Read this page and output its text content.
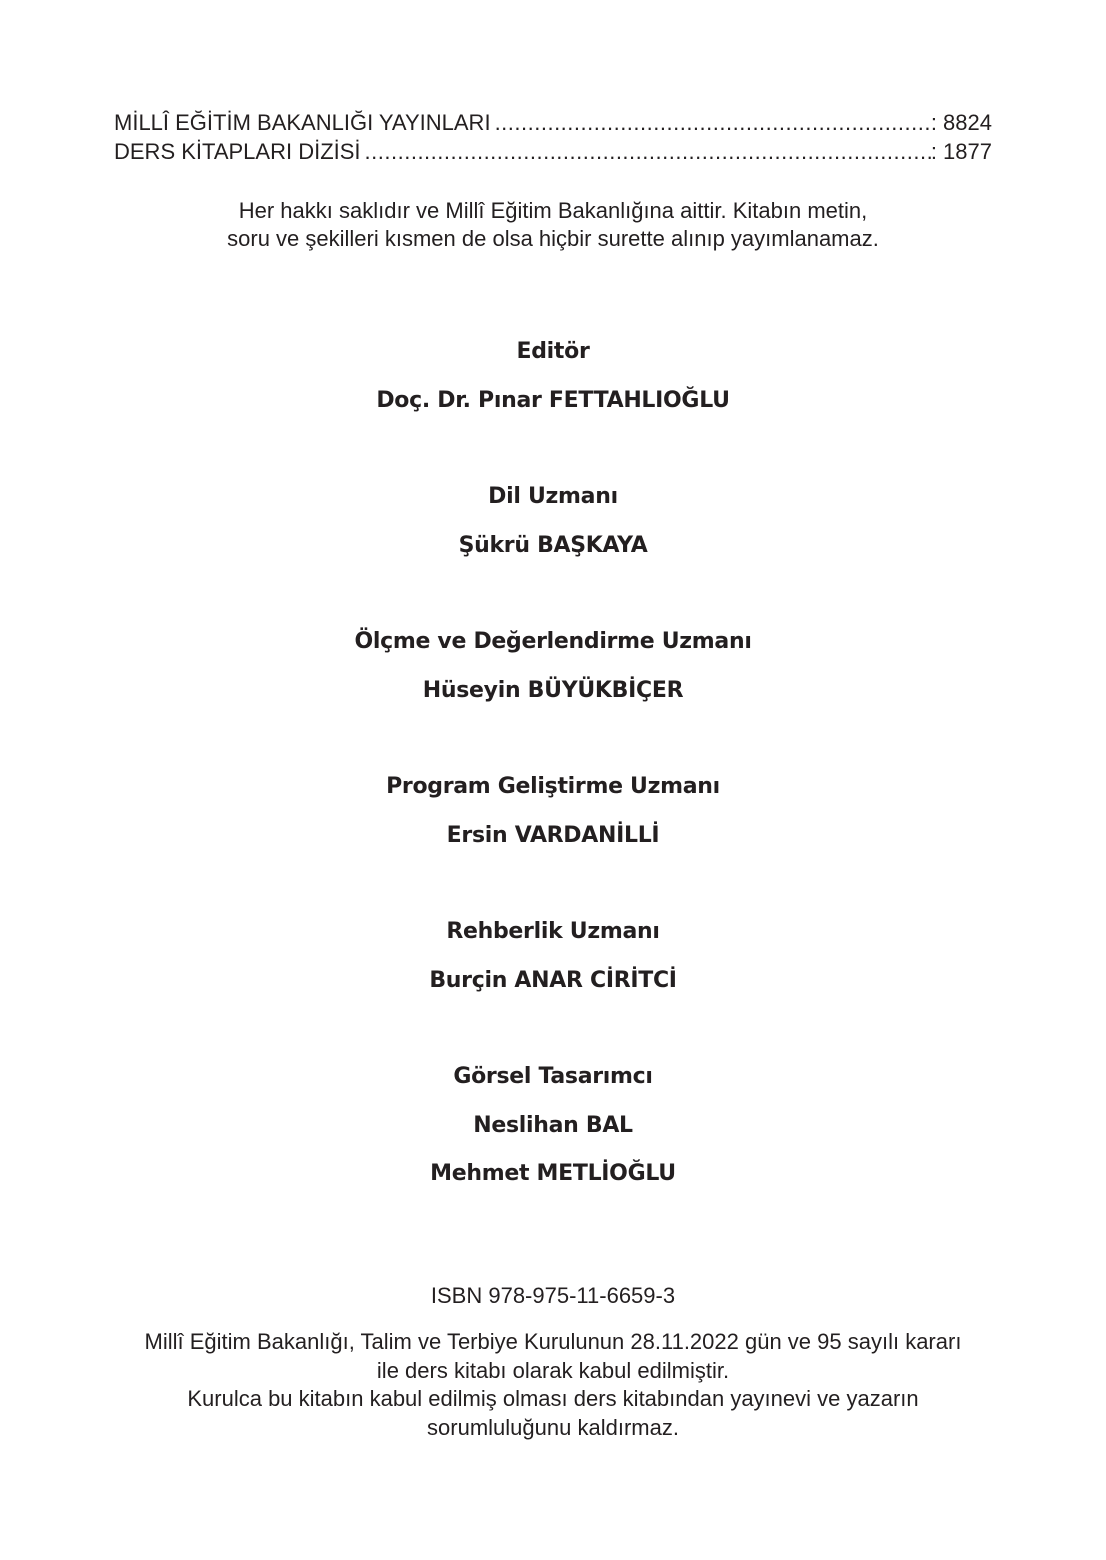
MİLLÎ EĞİTİM BAKANLIĞI YAYINLARI .....	: 8824
DERS KİTAPLARI DİZİSİ .....	: 1877
Her hakkı saklıdır ve Millî Eğitim Bakanlığına aittir. Kitabın metin,
soru ve şekilleri kısmen de olsa hiçbir surette alınıp yayımlanamaz.
Editör
Doç. Dr. Pınar FETTAHLIOĞLU
Dil Uzmanı
Şükrü BAŞKAYA
Ölçme ve Değerlendirme Uzmanı
Hüseyin BÜYÜKBİÇER
Program Geliştirme Uzmanı
Ersin VARDANİLLİ
Rehberlik Uzmanı
Burçin ANAR CİRİTCİ
Görsel Tasarımcı
Neslihan BAL
Mehmet METLİOĞLU
ISBN 978-975-11-6659-3
Millî Eğitim Bakanlığı, Talim ve Terbiye Kurulunun 28.11.2022 gün ve 95 sayılı kararı
ile ders kitabı olarak kabul edilmiştir.
Kurulca bu kitabın kabul edilmiş olması ders kitabından yayınevi ve yazarın
sorumluluğunu kaldırmaz.
